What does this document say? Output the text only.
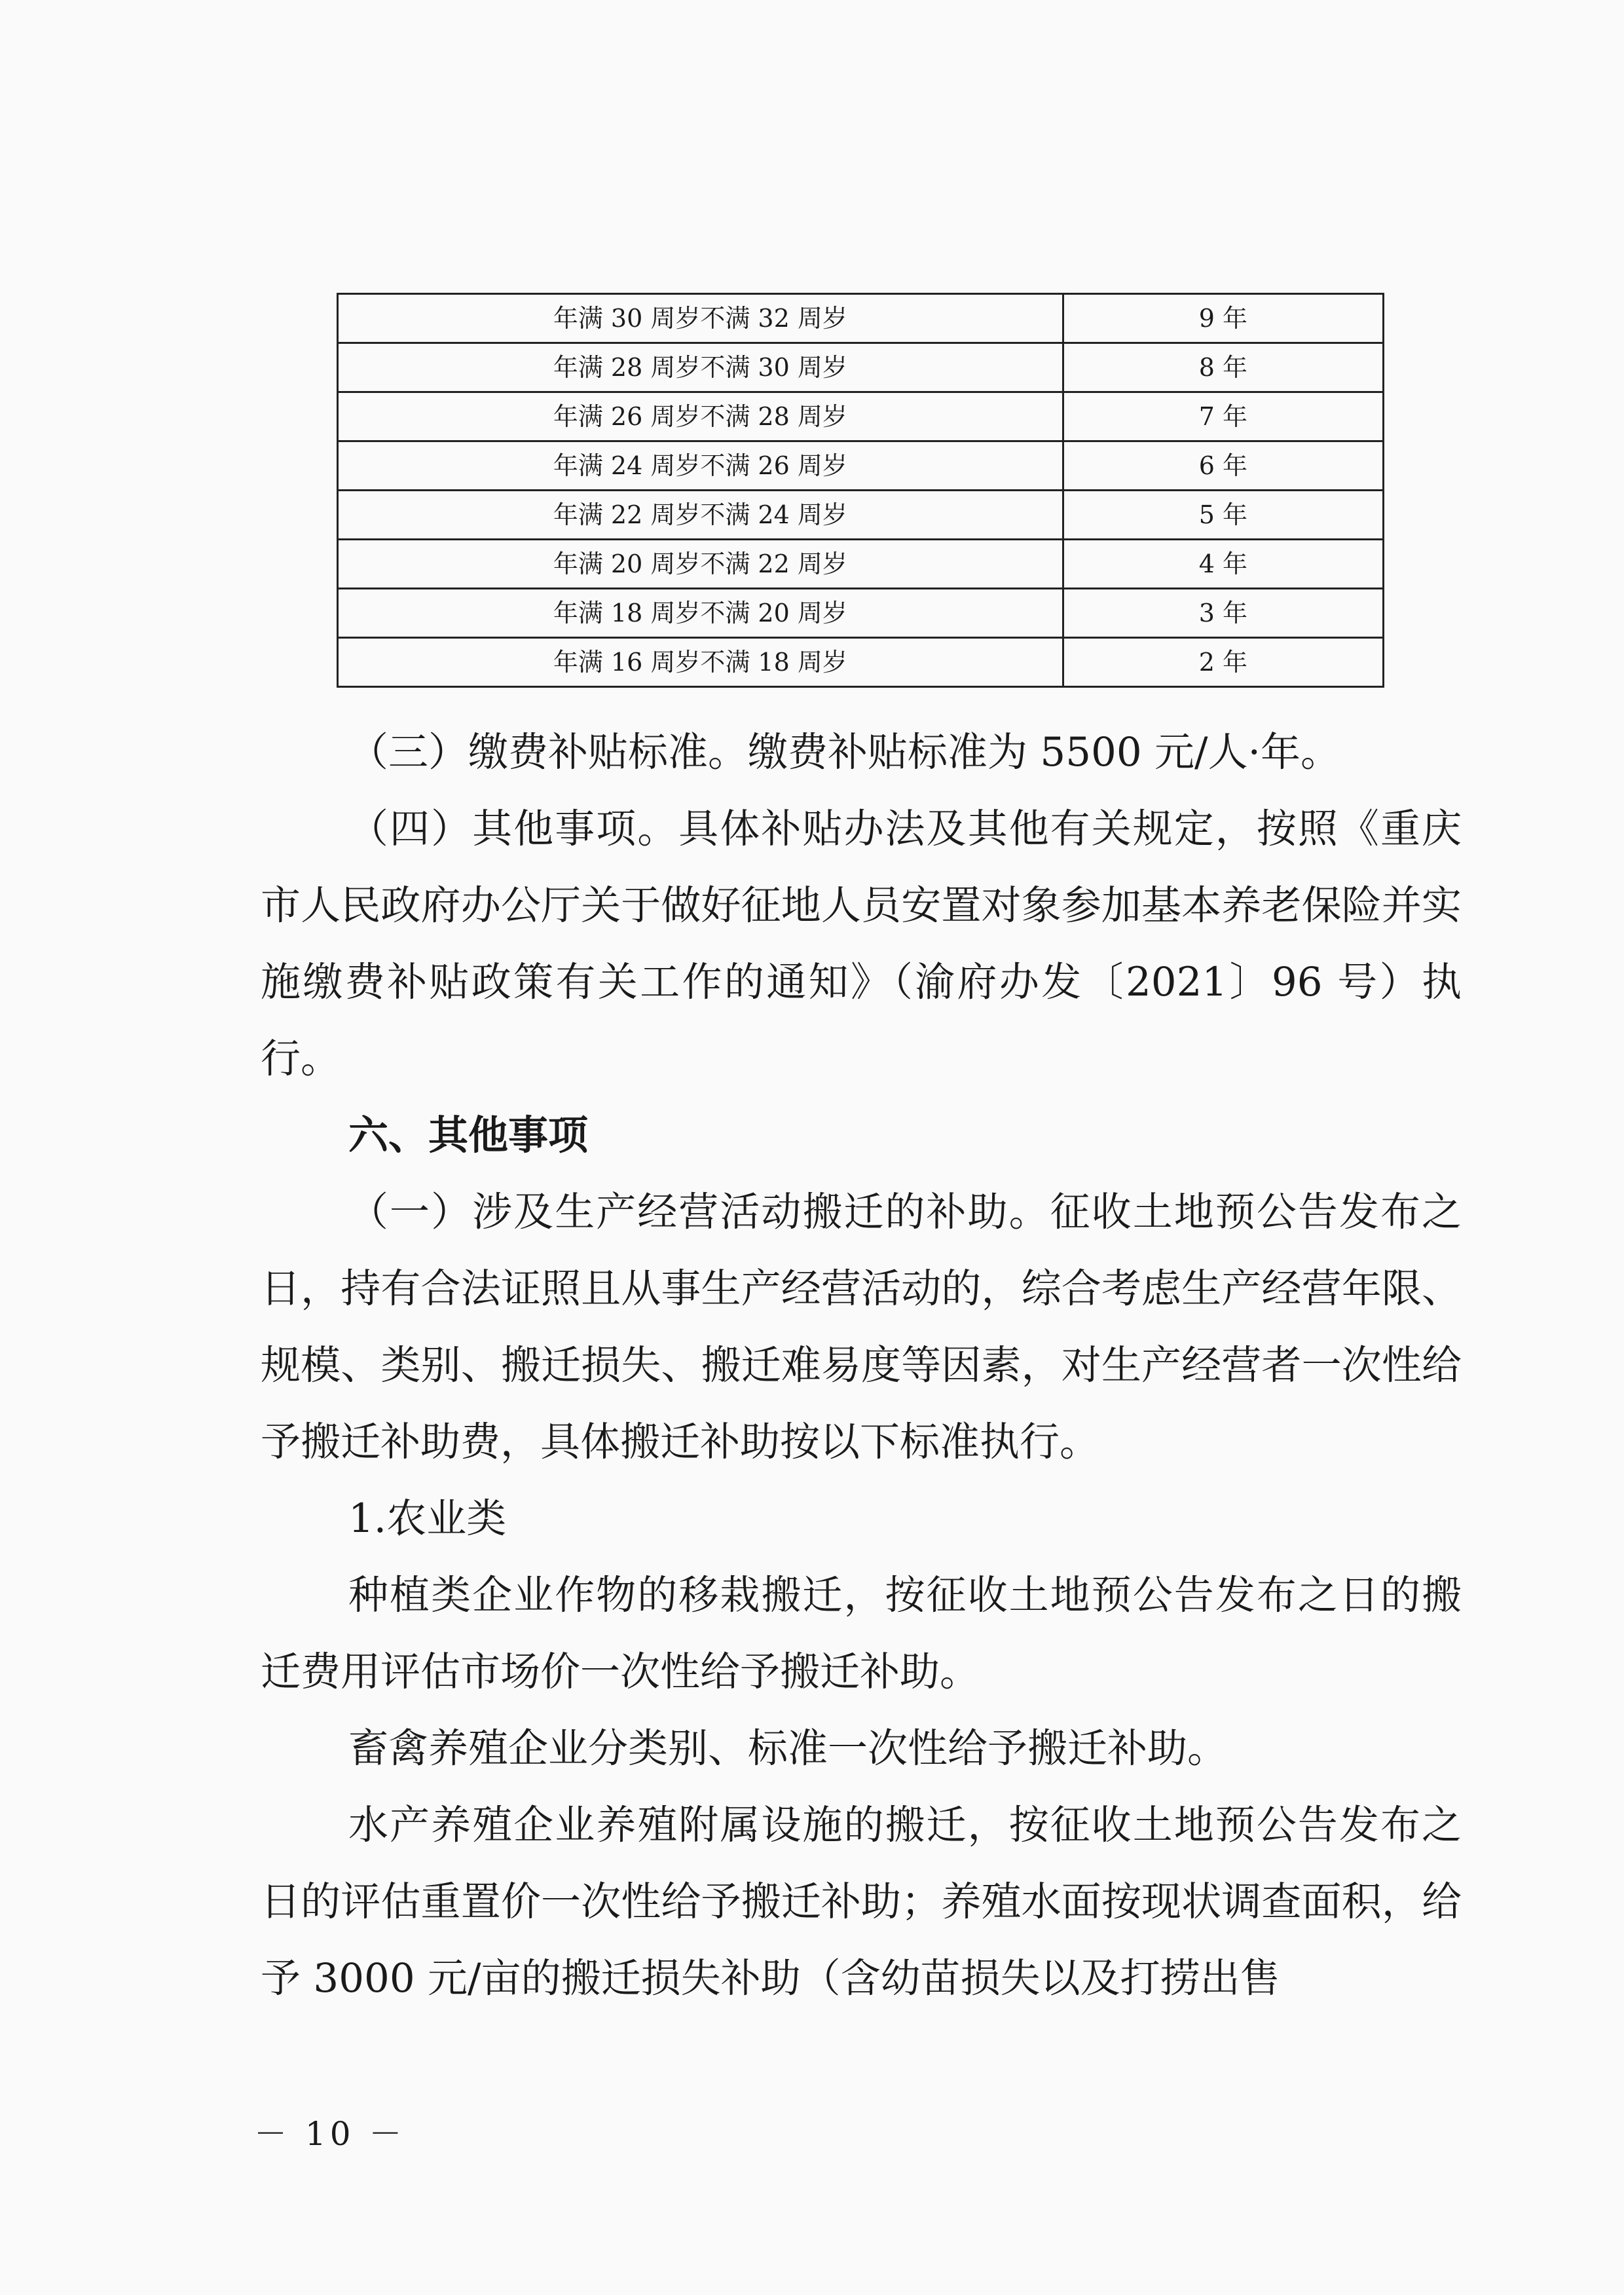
年满 30 周岁不满 32 周岁	9 年
年满 28 周岁不满 30 周岁	8 年
年满 26 周岁不满 28 周岁	7 年
年满 24 周岁不满 26 周岁	6 年
年满 22 周岁不满 24 周岁	5 年
年满 20 周岁不满 22 周岁	4 年
年满 18 周岁不满 20 周岁	3 年
年满 16 周岁不满 18 周岁	2 年

（三）缴费补贴标准。缴费补贴标准为 5500 元/人·年。

（四）其他事项。具体补贴办法及其他有关规定，按照《重庆市人民政府办公厅关于做好征地人员安置对象参加基本养老保险并实施缴费补贴政策有关工作的通知》（渝府办发〔2021〕96 号）执行。

六、其他事项

（一）涉及生产经营活动搬迁的补助。征收土地预公告发布之日，持有合法证照且从事生产经营活动的，综合考虑生产经营年限、规模、类别、搬迁损失、搬迁难易度等因素，对生产经营者一次性给予搬迁补助费，具体搬迁补助按以下标准执行。

1.农业类

种植类企业作物的移栽搬迁，按征收土地预公告发布之日的搬迁费用评估市场价一次性给予搬迁补助。

畜禽养殖企业分类别、标准一次性给予搬迁补助。

水产养殖企业养殖附属设施的搬迁，按征收土地预公告发布之日的评估重置价一次性给予搬迁补助；养殖水面按现状调查面积，给予 3000 元/亩的搬迁损失补助（含幼苗损失以及打捞出售

－ 10 －
